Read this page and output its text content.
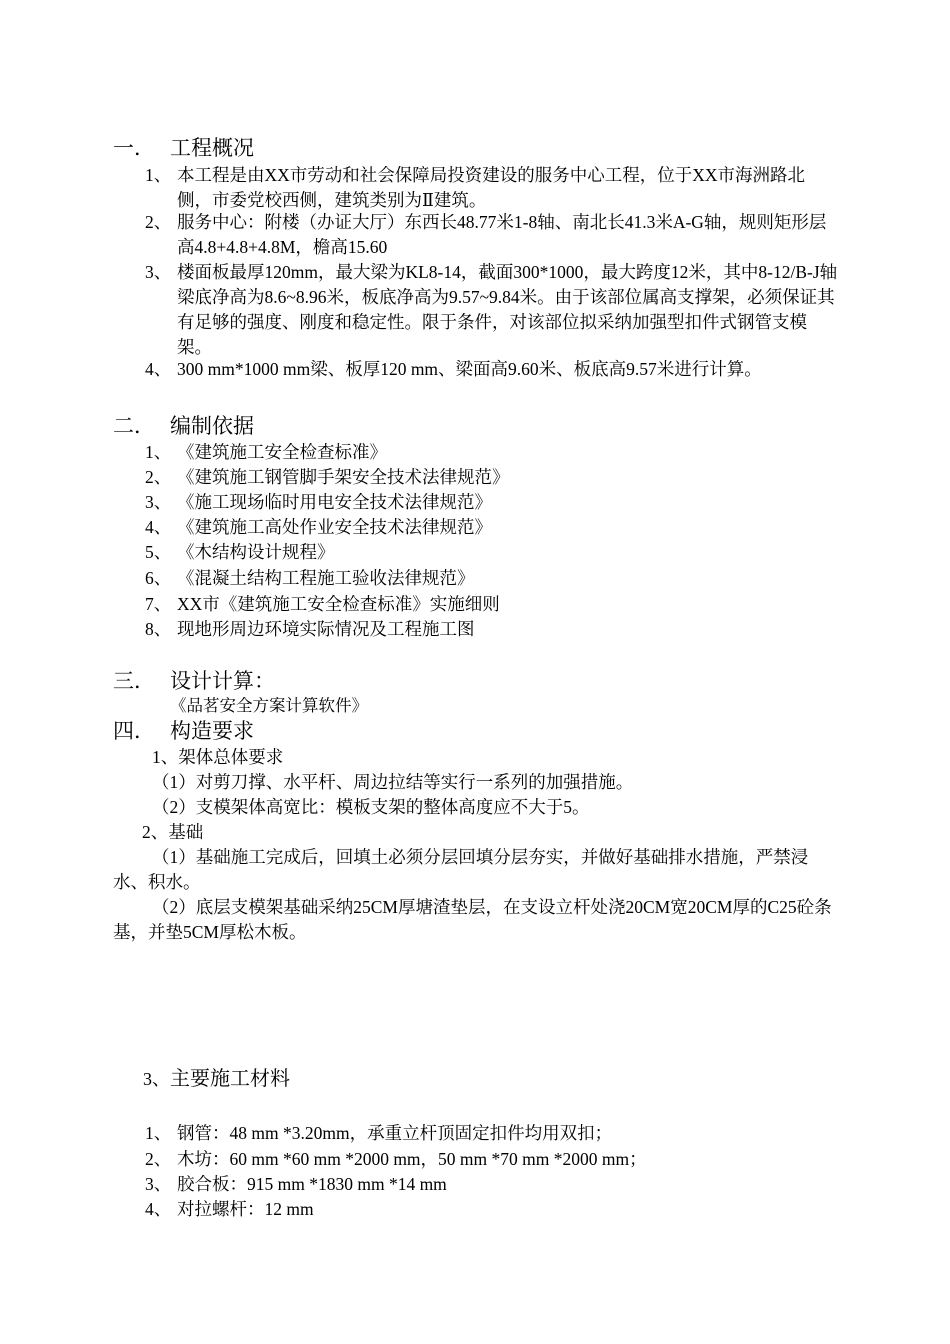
一． 工程概况
1、 本工程是由XX市劳动和社会保障局投资建设的服务中心工程，位于XX市海洲路北侧，市委党校西侧，建筑类别为Ⅱ建筑。
2、 服务中心：附楼（办证大厅）东西长48.77米1-8轴、南北长41.3米A-G轴，规则矩形层高4.8+4.8+4.8M，檐高15.60
3、 楼面板最厚120mm，最大梁为KL8-14，截面300*1000，最大跨度12米，其中8-12/B-J轴梁底净高为8.6~8.96米，板底净高为9.57~9.84米。由于该部位属高支撑架，必须保证其有足够的强度、刚度和稳定性。限于条件，对该部位拟采纳加强型扣件式钢管支模架。
4、 300 mm*1000 mm梁、板厚120 mm、梁面高9.60米、板底高9.57米进行计算。
二． 编制依据
1、 《建筑施工安全检查标准》
2、 《建筑施工钢管脚手架安全技术法律规范》
3、 《施工现场临时用电安全技术法律规范》
4、 《建筑施工高处作业安全技术法律规范》
5、 《木结构设计规程》
6、 《混凝土结构工程施工验收法律规范》
7、 XX市《建筑施工安全检查标准》实施细则
8、 现地形周边环境实际情况及工程施工图
三． 设计计算：
《品茗安全方案计算软件》
四． 构造要求
1、架体总体要求
（1）对剪刀撑、水平杆、周边拉结等实行一系列的加强措施。
（2）支模架体高宽比：模板支架的整体高度应不大于5。
2、基础
（1）基础施工完成后，回填土必须分层回填分层夯实，并做好基础排水措施，严禁浸水、积水。
（2）底层支模架基础采纳25CM厚塘渣垫层，在支设立杆处浇20CM宽20CM厚的C25砼条基，并垫5CM厚松木板。
3、主要施工材料
1、 钢管：48 mm *3.20mm，承重立杆顶固定扣件均用双扣；
2、 木坊：60 mm *60 mm *2000 mm，50 mm *70 mm *2000 mm；
3、 胶合板：915 mm *1830 mm *14 mm
4、 对拉螺杆：12 mm
